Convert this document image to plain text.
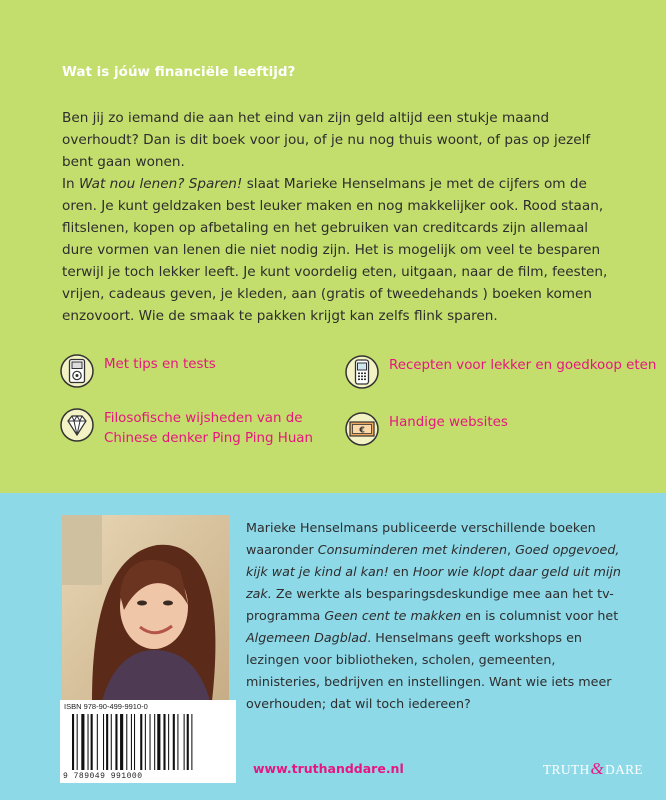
Wat is jóúw financiële leeftijd?

Ben jij zo iemand die aan het eind van zijn geld altijd een stukje maand overhoudt? Dan is dit boek voor jou, of je nu nog thuis woont, of pas op jezelf bent gaan wonen.

In Wat nou lenen? Sparen! slaat Marieke Henselmans je met de cijfers om de oren. Je kunt geldzaken best leuker maken en nog makkelijker ook. Rood staan, flitslenen, kopen op afbetaling en het gebruiken van creditcards zijn allemaal dure vormen van lenen die niet nodig zijn. Het is mogelijk om veel te besparen terwijl je toch lekker leeft. Je kunt voordelig eten, uitgaan, naar de film, feesten, vrijen, cadeaus geven, je kleden, aan (gratis of tweedehands ) boeken komen enzovoort. Wie de smaak te pakken krijgt kan zelfs flink sparen.

Met tips en tests	Recepten voor lekker en goedkoop eten
Filosofische wijsheden van de Chinese denker Ping Ping Huan
€ Handige websites

Marieke Henselmans publiceerde verschillende boeken waaronder Consuminderen met kinderen, Goed opgevoed, kijk wat je kind al kan! en Hoor wie klopt daar geld uit mijn zak. Ze werkte als besparingsdeskundige mee aan het tv-programma Geen cent te makken en is columnist voor het Algemeen Dagblad. Henselmans geeft workshops en lezingen voor bibliotheken, scholen, gemeenten, ministeries, bedrijven en instellingen. Want wie iets meer overhouden; dat wil toch iedereen?

ISBN 978-90-499-9910-0
9 789049 991000
www.truthanddare.nl	TRUTH&DARE
